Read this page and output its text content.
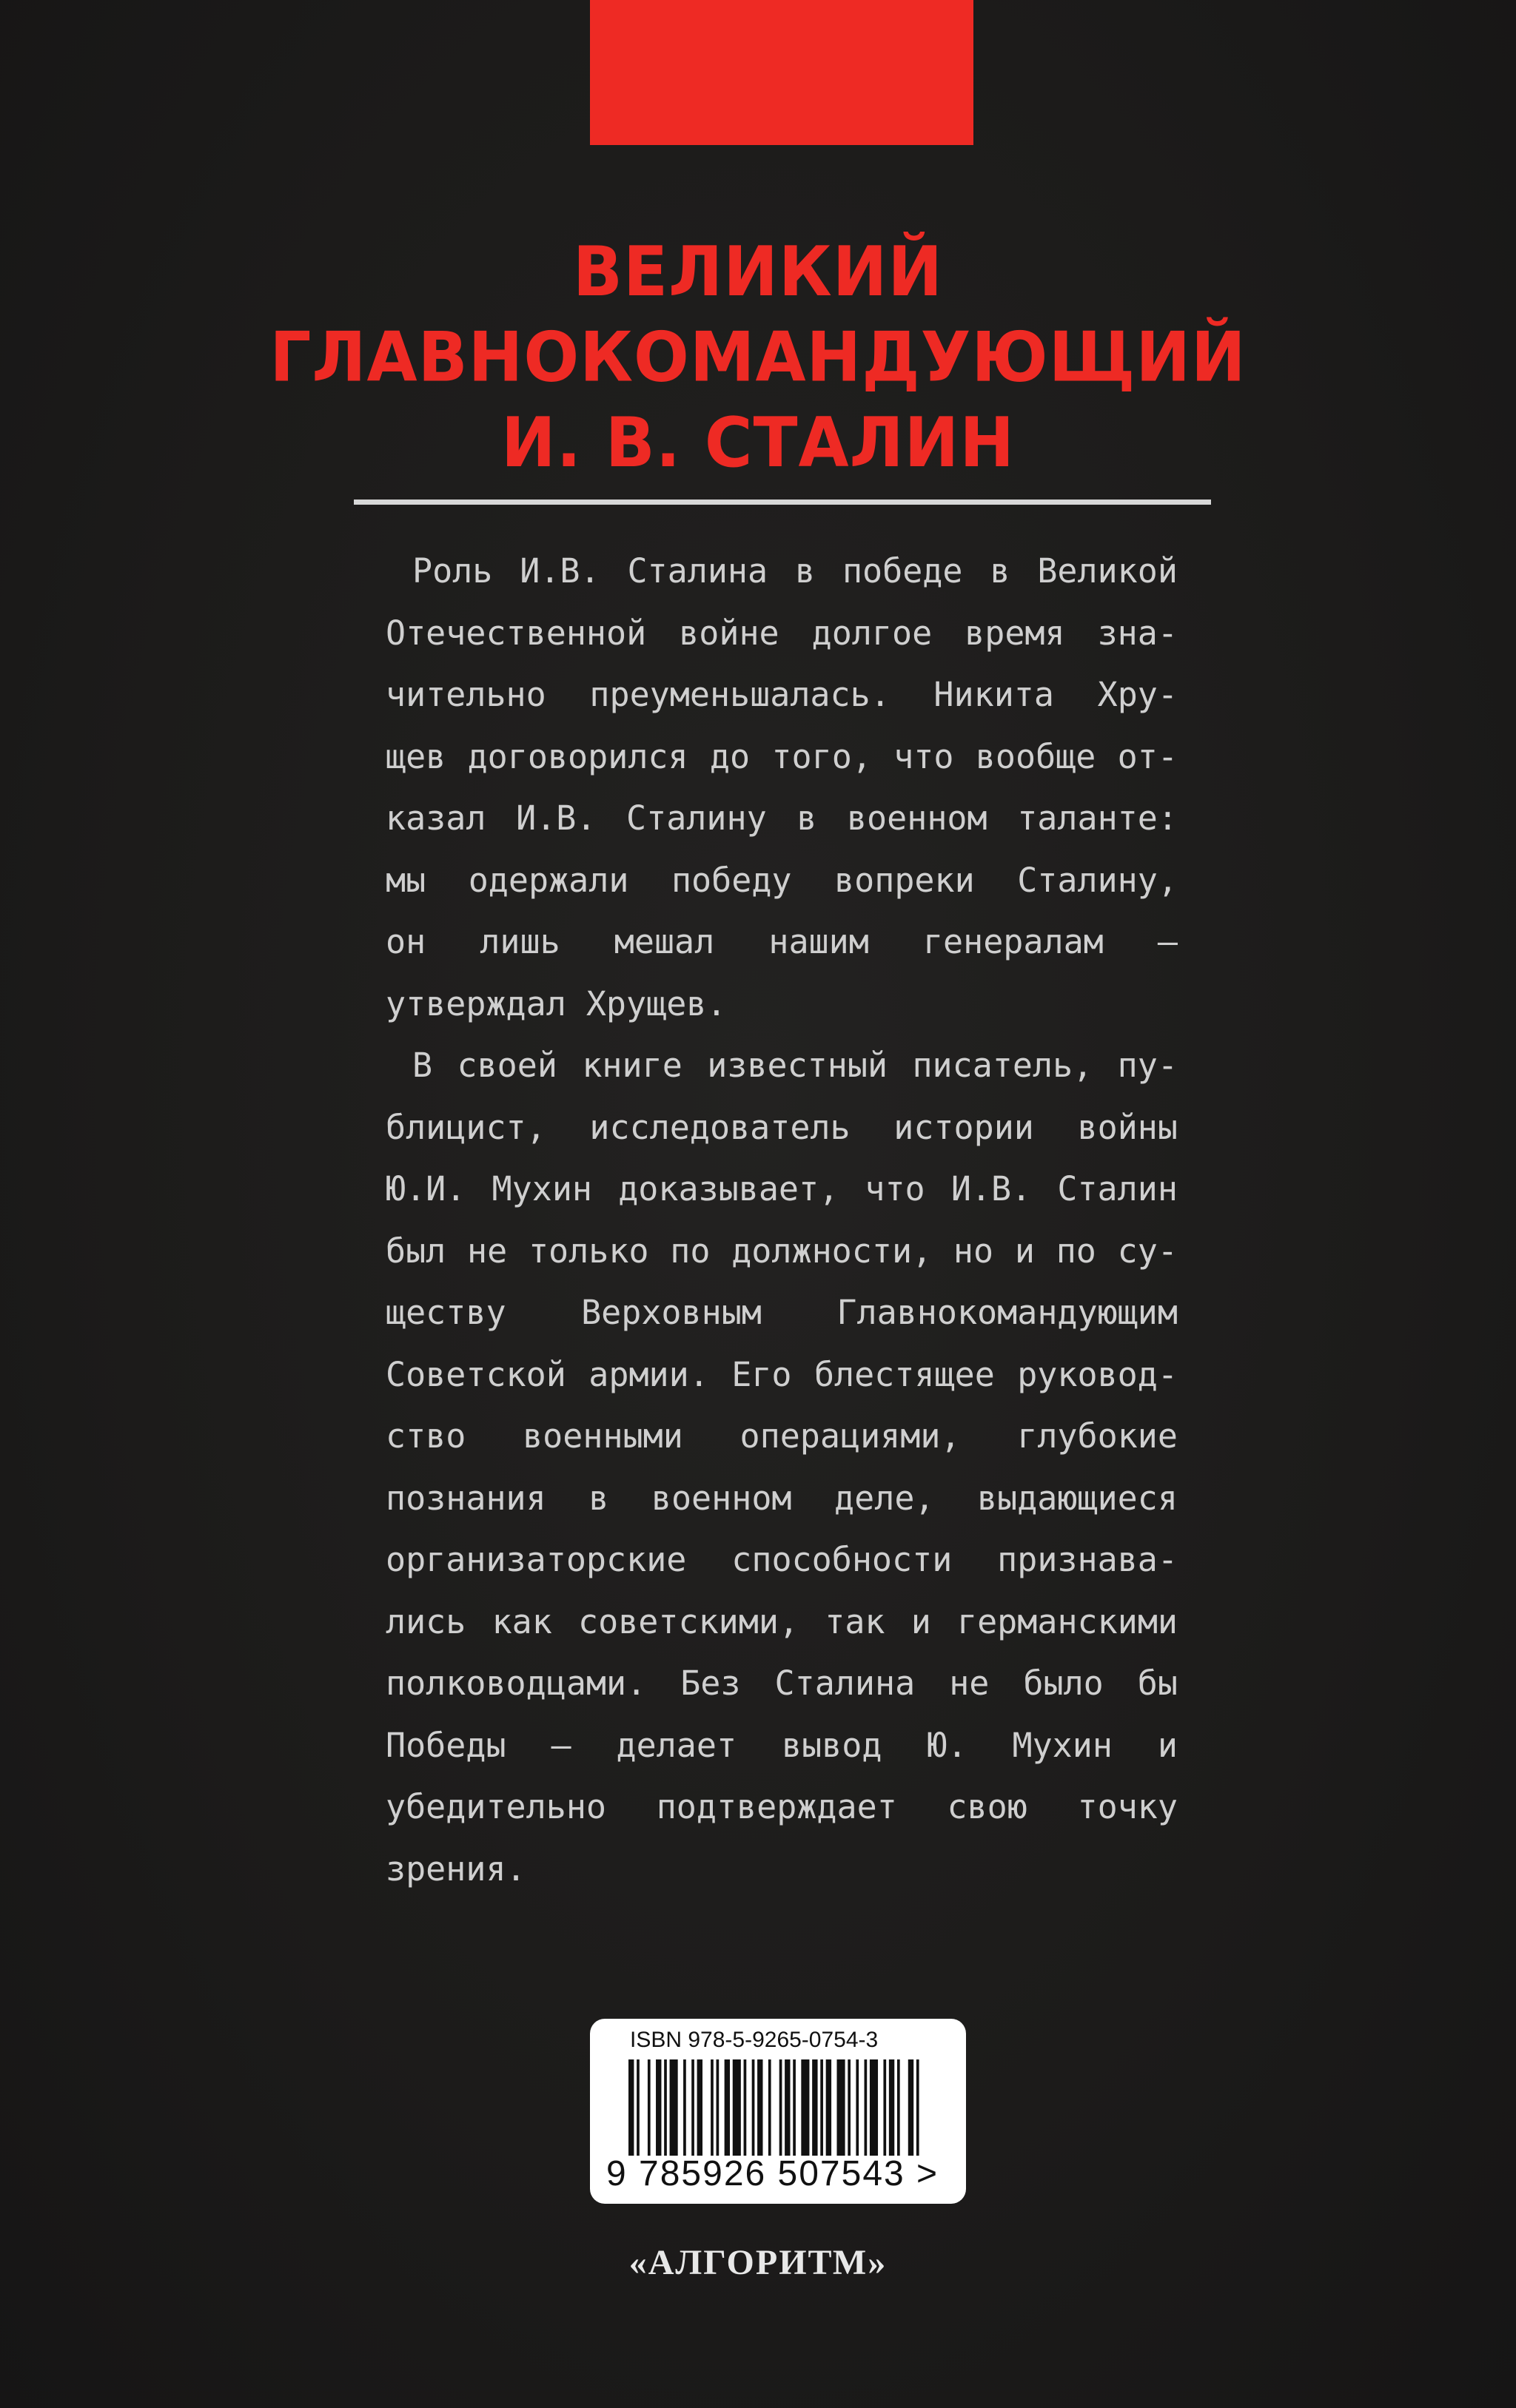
ВЕЛИКИЙ
ГЛАВНОКОМАНДУЮЩИЙ
И. В. СТАЛИН
Роль И.В. Сталина в победе в Великой
Отечественной войне долгое время зна-
чительно преуменьшалась. Никита Хру-
щев договорился до того, что вообще от-
казал И.В. Сталину в военном таланте:
мы одержали победу вопреки Сталину,
он лишь мешал нашим генералам –
утверждал Хрущев.
В своей книге известный писатель, пу-
блицист, исследователь истории войны
Ю.И. Мухин доказывает, что И.В. Сталин
был не только по должности, но и по су-
ществу Верховным Главнокомандующим
Советской армии. Его блестящее руковод-
ство военными операциями, глубокие
познания в военном деле, выдающиеся
организаторские способности признава-
лись как советскими, так и германскими
полководцами. Без Сталина не было бы
Победы – делает вывод Ю. Мухин и
убедительно подтверждает свою точку
зрения.
ISBN 978-5-9265-0754-3
9 785926 507543 >
«АЛГОРИТМ»
